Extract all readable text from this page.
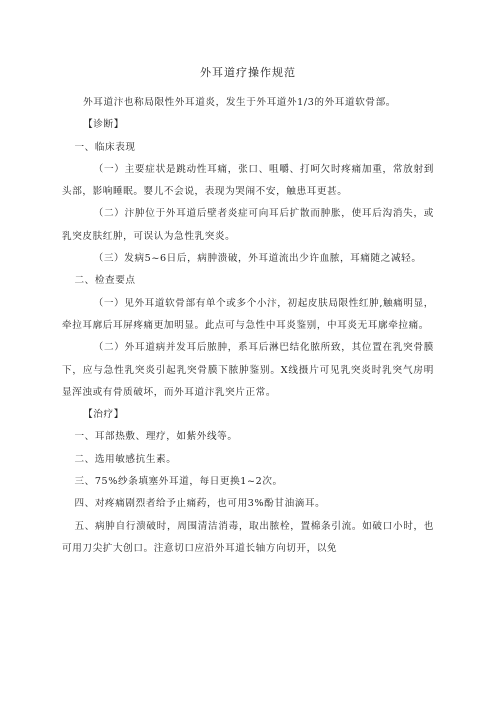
外耳道疗操作规范

外耳道汴也称局限性外耳道炎，发生于外耳道外1/3的外耳道软骨部。

【诊断】

一、临床表现

（一）主要症状是跳动性耳痛，张口、咀嚼、打呵欠时疼痛加重，常放射到头部，影响睡眠。婴儿不会说，表现为哭闹不安，触患耳更甚。

（二）汴肿位于外耳道后壁者炎症可向耳后扩散而肿胀，使耳后沟消失，或乳突皮肤红肿，可误认为急性乳突炎。

（三）发病5~6日后，病肿溃破，外耳道流出少许血脓，耳痛随之减轻。

二、检查要点

（一）见外耳道软骨部有单个或多个小汴，初起皮肤局限性红肿,触痛明显，牵拉耳廓后耳屏疼痛更加明显。此点可与急性中耳炎鉴别，中耳炎无耳廓牵拉痛。

（二）外耳道病并发耳后脓肿，系耳后淋巴结化脓所致，其位置在乳突骨膜下，应与急性乳突炎引起乳突骨膜下脓肿鉴别。X线摄片可见乳突炎时乳突气房明显浑浊或有骨质破坏，而外耳道汴乳突片正常。

【治疗】

一、耳部热敷、理疗，如紫外线等。

二、选用敏感抗生素。

三、75%纱条填塞外耳道，每日更换1~2次。

四、对疼痛剧烈者给予止痛药，也可用3%酚甘油滴耳。

五、病肿自行溃破时，周围清洁消毒，取出脓栓，置棉条引流。如破口小时，也可用刀尖扩大创口。注意切口应沿外耳道长轴方向切开，以免
